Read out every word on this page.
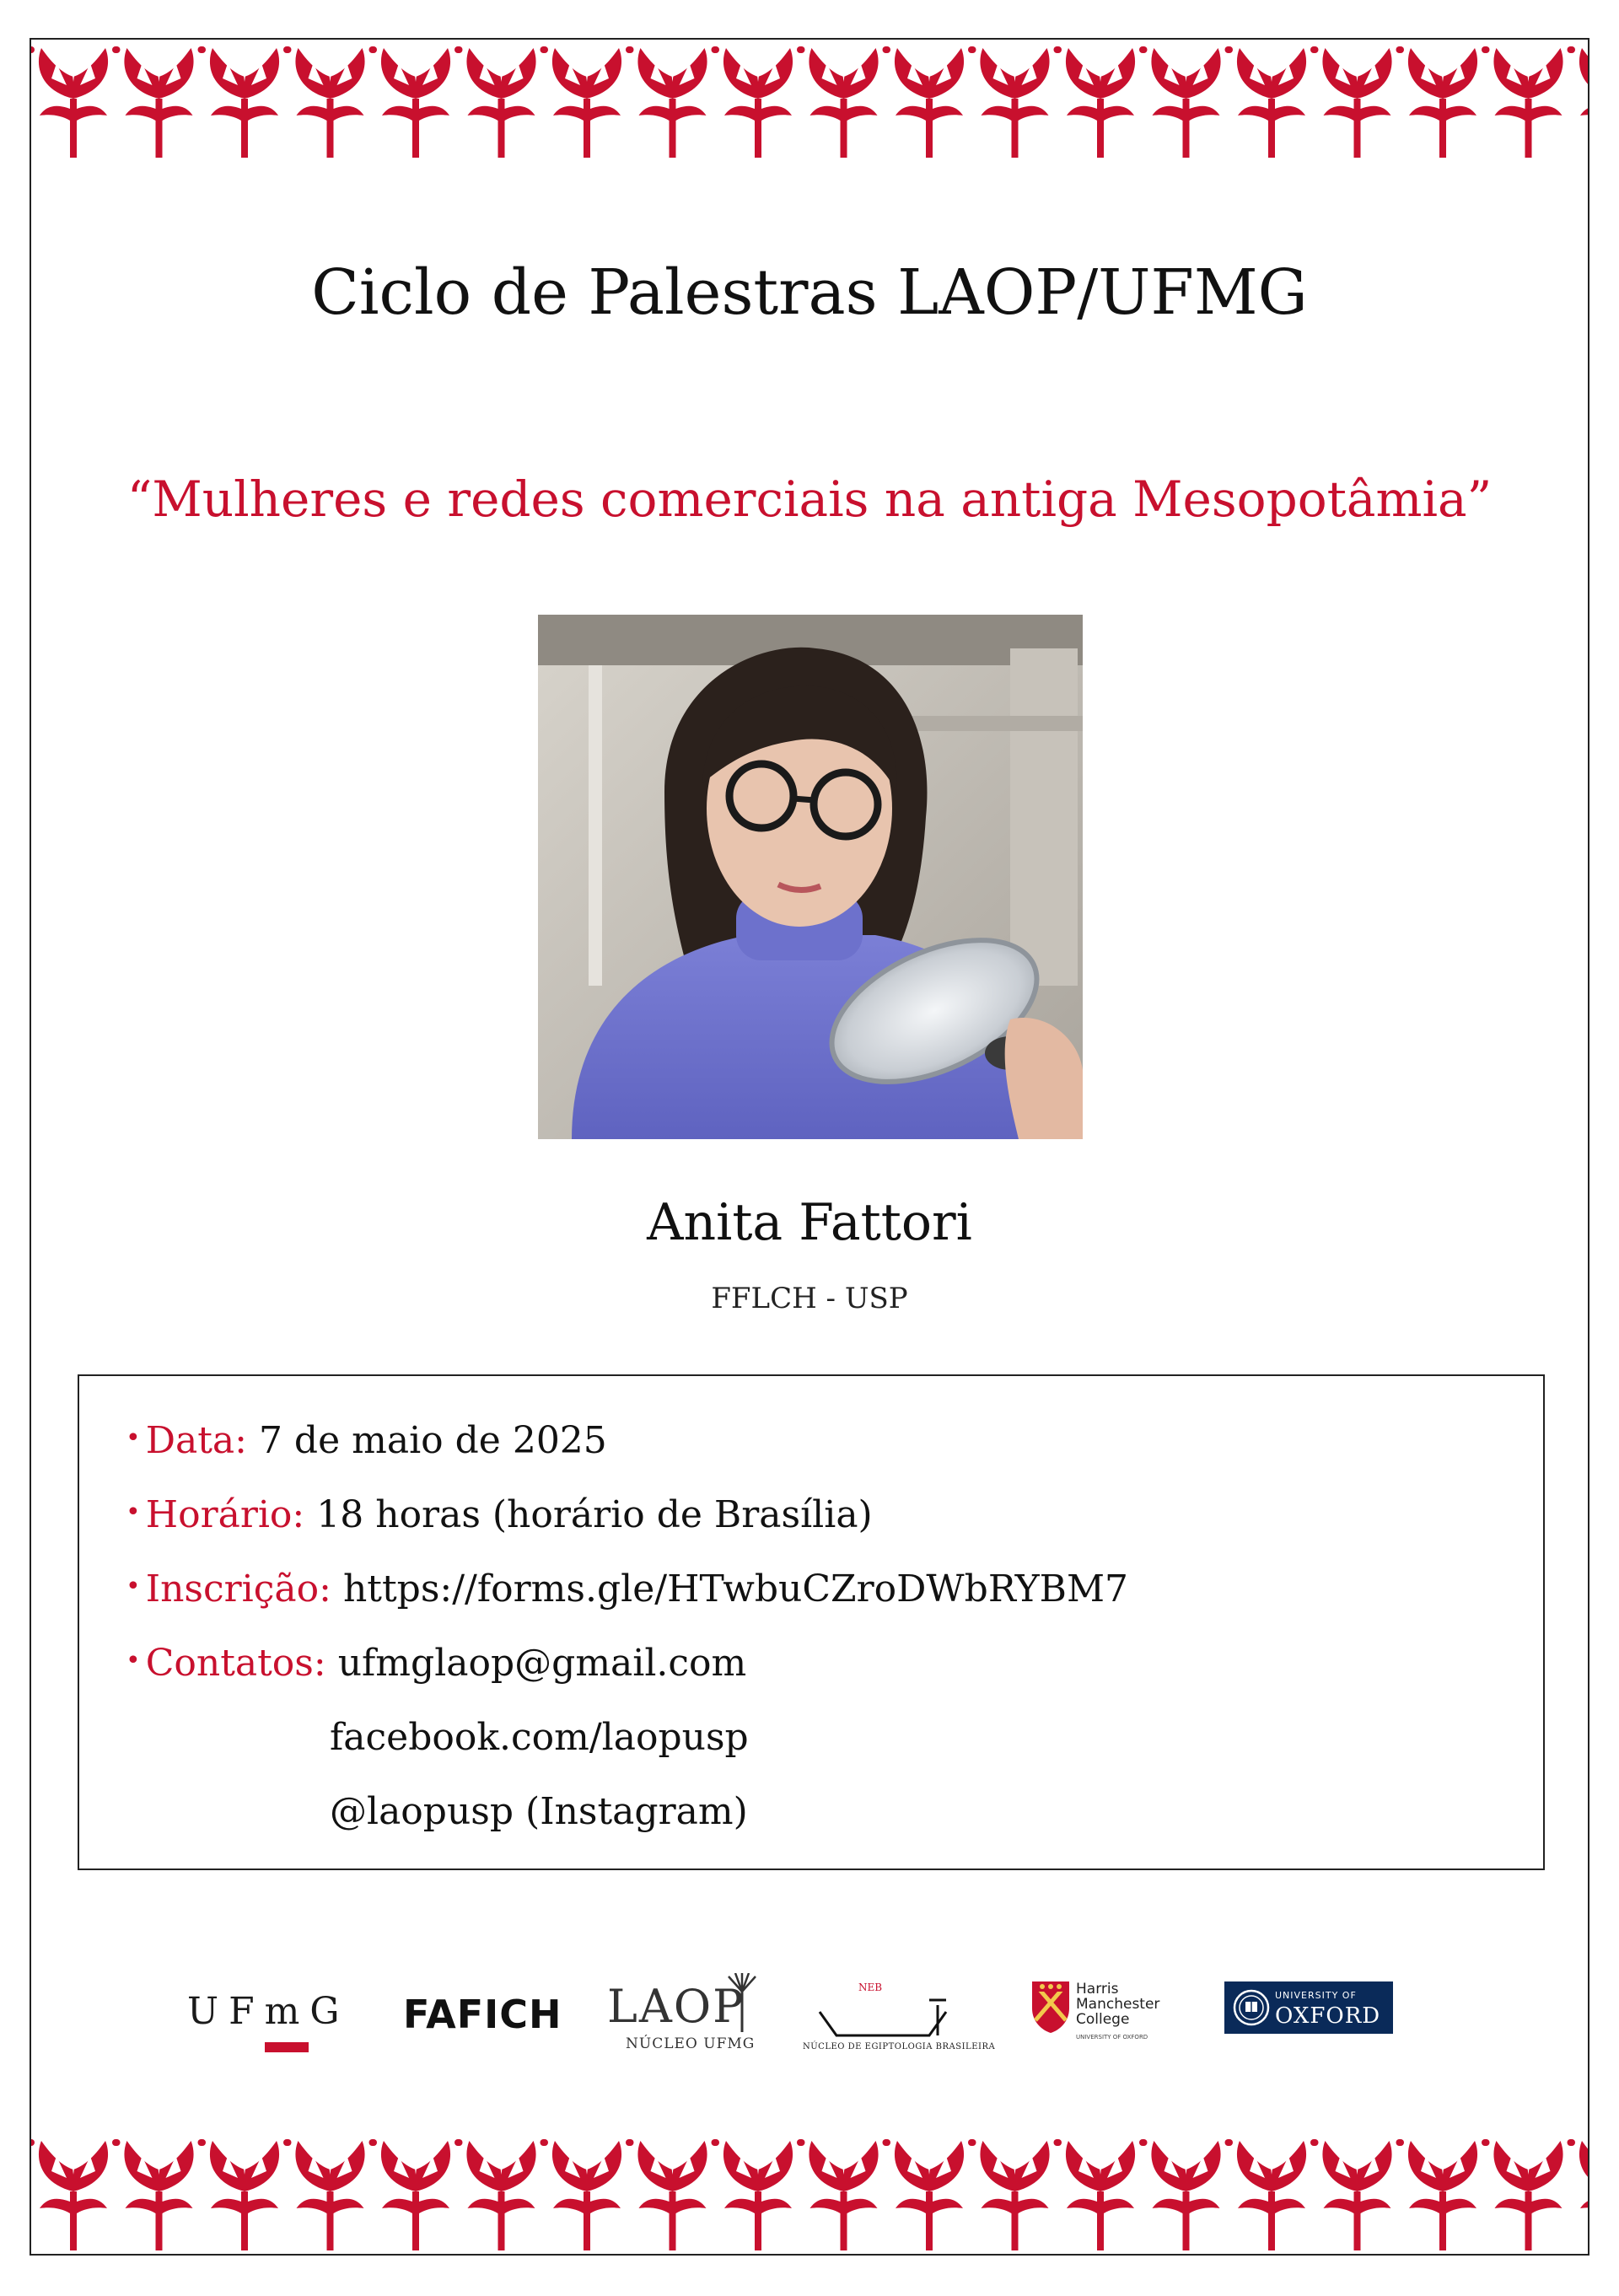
Ciclo de Palestras LAOP/UFMG
“Mulheres e redes comerciais na antiga Mesopotâmia”
Anita Fattori
FFLCH - USP
• Data: 7 de maio de 2025
• Horário: 18 horas (horário de Brasília)
• Inscrição: https://forms.gle/HTwbuCZroDWbRYBM7
• Contatos: ufmglaop@gmail.com
facebook.com/laopusp
@laopusp (Instagram)
UFmG FAFICH LAOP
NÚCLEO UFMG
NEB
NÚCLEO DE EGIPTOLOGIA BRASILEIRA
Harris
Manchester
College
UNIVERSITY OF OXFORD
UNIVERSITY OF
OXFORD
